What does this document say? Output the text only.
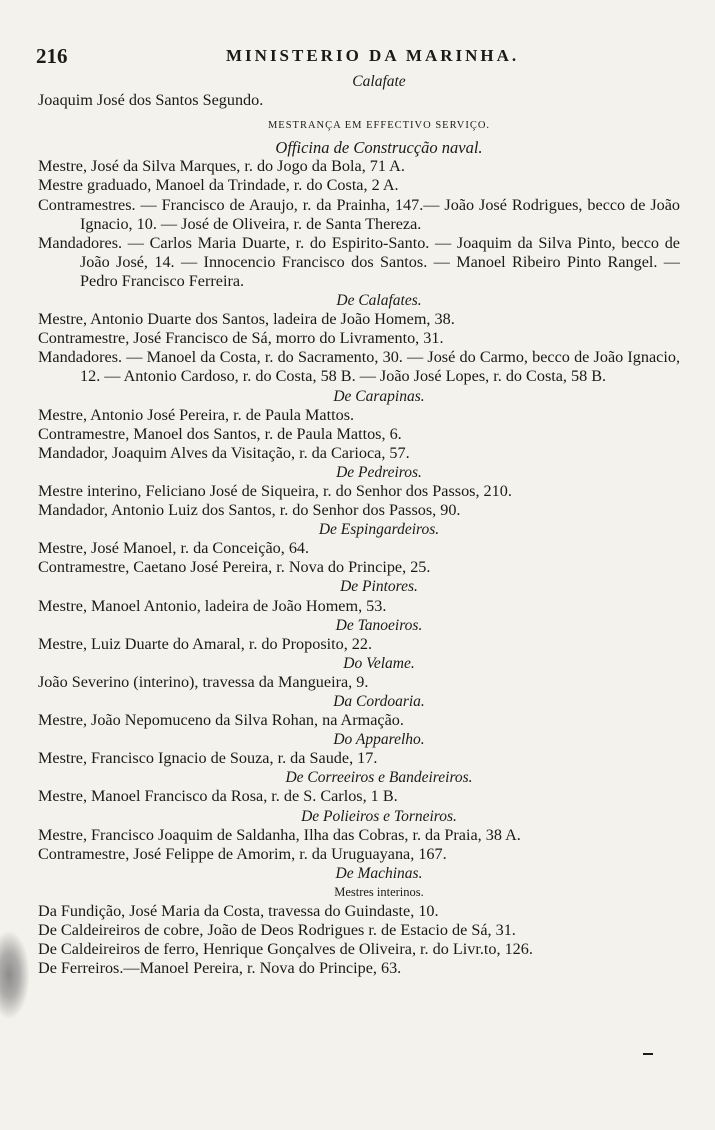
216	MINISTERIO DA MARINHA.
Calafate
Joaquim José dos Santos Segundo.
MESTRANÇA EM EFFECTIVO SERVIÇO.
Officina de Construcção naval.
Mestre, José da Silva Marques, r. do Jogo da Bola, 71 A.
Mestre graduado, Manoel da Trindade, r. do Costa, 2 A.
Contramestres. — Francisco de Araujo, r. da Prainha, 147.— João José Rodrigues, becco de João Ignacio, 10. — José de Oliveira, r. de Santa Thereza.
Mandadores. — Carlos Maria Duarte, r. do Espirito-Santo. — Joaquim da Silva Pinto, becco de João José, 14. — Innocencio Francisco dos Santos. — Manoel Ribeiro Pinto Rangel. — Pedro Francisco Ferreira.
De Calafates.
Mestre, Antonio Duarte dos Santos, ladeira de João Homem, 38.
Contramestre, José Francisco de Sá, morro do Livramento, 31.
Mandadores. — Manoel da Costa, r. do Sacramento, 30. — José do Carmo, becco de João Ignacio, 12. — Antonio Cardoso, r. do Costa, 58 B. — João José Lopes, r. do Costa, 58 B.
De Carapinas.
Mestre, Antonio José Pereira, r. de Paula Mattos.
Contramestre, Manoel dos Santos, r. de Paula Mattos, 6.
Mandador, Joaquim Alves da Visitação, r. da Carioca, 57.
De Pedreiros.
Mestre interino, Feliciano José de Siqueira, r. do Senhor dos Passos, 210.
Mandador, Antonio Luiz dos Santos, r. do Senhor dos Passos, 90.
De Espingardeiros.
Mestre, José Manoel, r. da Conceição, 64.
Contramestre, Caetano José Pereira, r. Nova do Principe, 25.
De Pintores.
Mestre, Manoel Antonio, ladeira de João Homem, 53.
De Tanoeiros.
Mestre, Luiz Duarte do Amaral, r. do Proposito, 22.
Do Velame.
João Severino (interino), travessa da Mangueira, 9.
Da Cordoaria.
Mestre, João Nepomuceno da Silva Rohan, na Armação.
Do Apparelho.
Mestre, Francisco Ignacio de Souza, r. da Saude, 17.
De Correeiros e Bandeireiros.
Mestre, Manoel Francisco da Rosa, r. de S. Carlos, 1 B.
De Polieiros e Torneiros.
Mestre, Francisco Joaquim de Saldanha, Ilha das Cobras, r. da Praia, 38 A.
Contramestre, José Felippe de Amorim, r. da Uruguayana, 167.
De Machinas.
Mestres interinos.
Da Fundição, José Maria da Costa, travessa do Guindaste, 10.
De Caldeireiros de cobre, João de Deos Rodrigues r. de Estacio de Sá, 31.
De Caldeireiros de ferro, Henrique Gonçalves de Oliveira, r. do Livr.to, 126.
De Ferreiros.—Manoel Pereira, r. Nova do Principe, 63.
